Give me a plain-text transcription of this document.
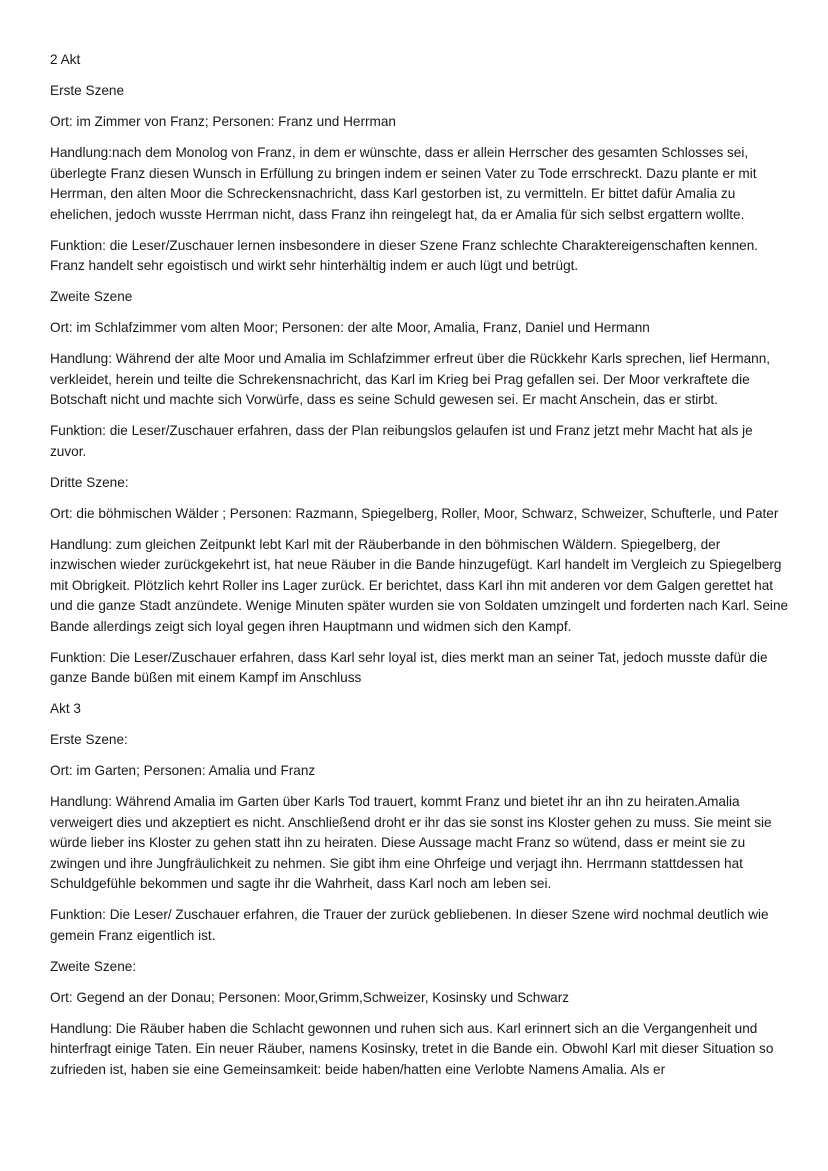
2 Akt

Erste Szene

Ort: im Zimmer von Franz; Personen: Franz und Herrman

Handlung:nach dem Monolog von Franz, in dem er wünschte, dass er allein Herrscher des gesamten Schlosses sei, überlegte Franz diesen Wunsch in Erfüllung zu bringen indem er seinen Vater zu Tode errschreckt. Dazu plante er mit Herrman, den alten Moor die Schreckensnachricht, dass Karl gestorben ist, zu vermitteln. Er bittet dafür Amalia zu ehelichen, jedoch wusste Herrman nicht, dass Franz ihn reingelegt hat, da er Amalia für sich selbst ergattern wollte.

Funktion: die Leser/Zuschauer lernen insbesondere in dieser Szene Franz schlechte Charaktereigenschaften kennen. Franz handelt sehr egoistisch und wirkt sehr hinterhältig indem er auch lügt und betrügt.

Zweite Szene

Ort: im Schlafzimmer vom alten Moor; Personen: der alte Moor, Amalia, Franz, Daniel und Hermann

Handlung: Während der alte Moor und Amalia im Schlafzimmer erfreut über die Rückkehr Karls sprechen, lief Hermann, verkleidet, herein und teilte die Schrekensnachricht, das Karl im Krieg bei Prag gefallen sei. Der Moor verkraftete die Botschaft nicht und machte sich Vorwürfe, dass es seine Schuld gewesen sei. Er macht Anschein, das er stirbt.

Funktion: die Leser/Zuschauer erfahren, dass der Plan reibungslos gelaufen ist und Franz jetzt mehr Macht hat als je zuvor.

Dritte Szene:

Ort: die böhmischen Wälder ; Personen: Razmann, Spiegelberg, Roller, Moor, Schwarz, Schweizer, Schufterle, und Pater

Handlung: zum gleichen Zeitpunkt lebt Karl mit der Räuberbande in den böhmischen Wäldern. Spiegelberg, der inzwischen wieder zurückgekehrt ist, hat neue Räuber in die Bande hinzugefügt. Karl handelt im Vergleich zu Spiegelberg mit Obrigkeit. Plötzlich kehrt Roller ins Lager zurück. Er berichtet, dass Karl ihn mit anderen vor dem Galgen gerettet hat und die ganze Stadt anzündete. Wenige Minuten später wurden sie von Soldaten umzingelt und forderten nach Karl. Seine Bande allerdings zeigt sich loyal gegen ihren Hauptmann und widmen sich den Kampf.

Funktion: Die Leser/Zuschauer erfahren, dass Karl sehr loyal ist, dies merkt man an seiner Tat, jedoch musste dafür die ganze Bande büßen mit einem Kampf im Anschluss

Akt 3

Erste Szene:

Ort: im Garten; Personen: Amalia und Franz

Handlung: Während Amalia im Garten über Karls Tod trauert, kommt Franz und bietet ihr an ihn zu heiraten.Amalia verweigert dies und akzeptiert es nicht. Anschließend droht er ihr das sie sonst ins Kloster gehen zu muss. Sie meint sie würde lieber ins Kloster zu gehen statt ihn zu heiraten. Diese Aussage macht Franz so wütend, dass er meint sie zu zwingen und ihre Jungfräulichkeit zu nehmen. Sie gibt ihm eine Ohrfeige und verjagt ihn. Herrmann stattdessen hat Schuldgefühle bekommen und sagte ihr die Wahrheit, dass Karl noch am leben sei.

Funktion: Die Leser/ Zuschauer erfahren, die Trauer der zurück gebliebenen. In dieser Szene wird nochmal deutlich wie gemein Franz eigentlich ist.

Zweite Szene:

Ort: Gegend an der Donau; Personen: Moor,Grimm,Schweizer, Kosinsky und Schwarz

Handlung: Die Räuber haben die Schlacht gewonnen und ruhen sich aus. Karl erinnert sich an die Vergangenheit und hinterfragt einige Taten. Ein neuer Räuber, namens Kosinsky, tretet in die Bande ein. Obwohl Karl mit dieser Situation so zufrieden ist, haben sie eine Gemeinsamkeit: beide haben/hatten eine Verlobte Namens Amalia. Als er
